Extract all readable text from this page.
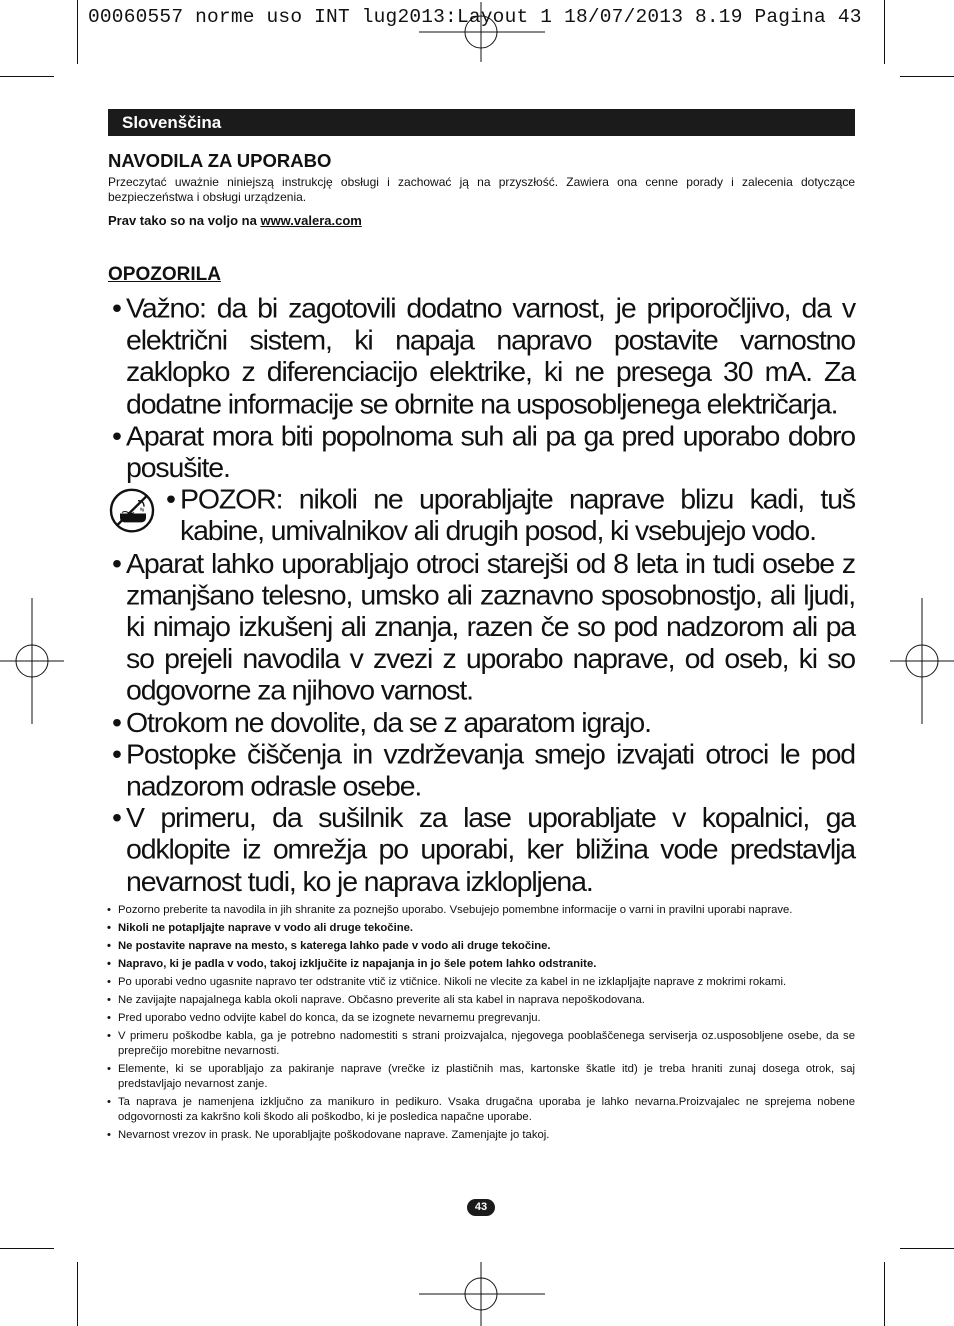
00060557 norme uso INT lug2013:Layout 1 18/07/2013 8.19 Pagina 43
Slovenščina
NAVODILA ZA UPORABO
Przeczytać uważnie niniejszą instrukcję obsługi i zachować ją na przyszłość. Zawiera ona cenne porady i zalecenia dotyczące bezpieczeństwa i obsługi urządzenia.
Prav tako so na voljo na www.valera.com
OPOZORILA
• Važno: da bi zagotovili dodatno varnost, je priporočljivo, da v električni sistem, ki napaja napravo postavite varnostno zaklopko z diferenciacijo elektrike, ki ne presega 30 mA. Za dodatne informacije se obrnite na usposobljenega električarja.
• Aparat mora biti popolnoma suh ali pa ga pred uporabo dobro posušite.
• POZOR: nikoli ne uporabljajte naprave blizu kadi, tuš kabine, umivalnikov ali drugih posod, ki vsebujejo vodo.
• Aparat lahko uporabljajo otroci starejši od 8 leta in tudi osebe z zmanjšano telesno, umsko ali zaznavno sposobnostjo, ali ljudi, ki nimajo izkušenj ali znanja, razen če so pod nadzorom ali pa so prejeli navodila v zvezi z uporabo naprave, od oseb, ki so odgovorne za njihovo varnost.
• Otrokom ne dovolite, da se z aparatom igrajo.
• Postopke čiščenja in vzdrževanja smejo izvajati otroci le pod nadzorom odrasle osebe.
• V primeru, da sušilnik za lase uporabljate v kopalnici, ga odklopite iz omrežja po uporabi, ker bližina vode predstavlja nevarnost tudi, ko je naprava izklopljena.
• Pozorno preberite ta navodila in jih shranite za poznejšo uporabo. Vsebujejo pomembne informacije o varni in pravilni uporabi naprave.
• Nikoli ne potapljajte naprave v vodo ali druge tekočine.
• Ne postavite naprave na mesto, s katerega lahko pade v vodo ali druge tekočine.
• Napravo, ki je padla v vodo, takoj izključite iz napajanja in jo šele potem lahko odstranite.
• Po uporabi vedno ugasnite napravo ter odstranite vtič iz vtičnice. Nikoli ne vlecite za kabel in ne izklapljajte naprave z mokrimi rokami.
• Ne zavijajte napajalnega kabla okoli naprave. Občasno preverite ali sta kabel in naprava nepoškodovana.
• Pred uporabo vedno odvijte kabel do konca, da se izognete nevarnemu pregrevanju.
• V primeru poškodbe kabla, ga je potrebno nadomestiti s strani proizvajalca, njegovega pooblaščenega serviserja oz.usposobljene osebe, da se preprečijo morebitne nevarnosti.
• Elemente, ki se uporabljajo za pakiranje naprave (vrečke iz plastičnih mas, kartonske škatle itd) je treba hraniti zunaj dosega otrok, saj predstavljajo nevarnost zanje.
• Ta naprava je namenjena izključno za manikuro in pedikuro. Vsaka drugačna uporaba je lahko nevarna.Proizvajalec ne sprejema nobene odgovornosti za kakršno koli škodo ali poškodbo, ki je posledica napačne uporabe.
• Nevarnost vrezov in prask. Ne uporabljajte poškodovane naprave. Zamenjajte jo takoj.
43
